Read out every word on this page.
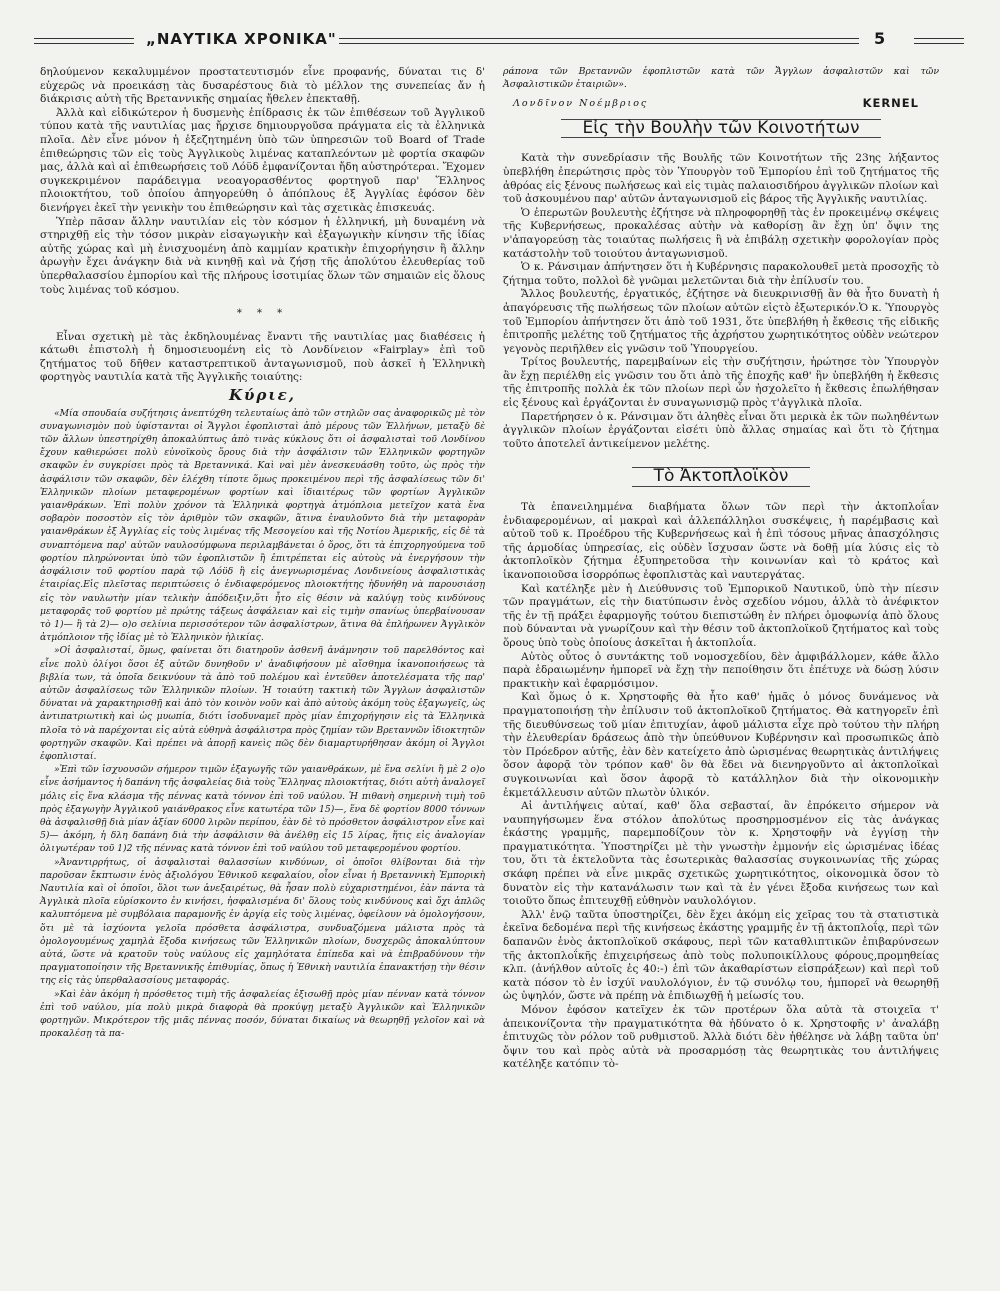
„ΝΑΥΤΙΚΑ ΧΡΟΝΙΚΑ"	5

δηλούμενον κεκαλυμμένον προστατευτισμόν εἶνε προφανής, δύναται τις δ' εὐχερῶς νὰ προεικάσῃ τὰς δυσαρέστους διὰ τὸ μέλλον της συνεπείας ἄν ἡ διάκρισις αὐτὴ τῆς Βρεταννικῆς σημαίας ἤθελεν ἐπεκταθῇ.

Ἀλλὰ καὶ εἰδικώτερον ἡ δυσμενὴς ἐπίδρασις ἐκ τῶν ἐπιθέσεων τοῦ Ἀγγλικοῦ τύπου κατὰ τῆς ναυτιλίας μας ἤρχισε δημιουργοῦσα πράγματα εἰς τὰ ἑλληνικὰ πλοῖα. Δὲν εἶνε μόνον ἡ ἐξεζητημένη ὑπὸ τῶν ὑπηρεσιῶν τοῦ Board of Trade ἐπιθεώρησις τῶν εἰς τοὺς Ἀγγλικοὺς λιμένας καταπλεόντων μὲ φορτία σκαφῶν μας, ἀλλὰ καὶ αἱ ἐπιθεωρήσεις τοῦ Λόϋδ ἐμφανίζονται ἤδη αὐστηρότεραι. Ἔχομεν συγκεκριμένον παράδειγμα νεοαγορασθέντος φορτηγοῦ παρ' Ἕλληνος πλοιοκτήτου, τοῦ ὁποίου ἀπηγορεύθη ὁ ἀπόπλους ἐξ Ἀγγλίας ἐφόσον δὲν διενήργει ἐκεῖ τὴν γενικὴν του ἐπιθεώρησιν καὶ τὰς σχετικὰς ἐπισκευάς.

Ὑπὲρ πᾶσαν ἄλλην ναυτιλίαν εἰς τὸν κόσμον ἡ ἑλληνική, μὴ δυναμένη νὰ στηριχθῇ εἰς τὴν τόσον μικρὰν εἰσαγωγικὴν καὶ ἐξαγωγικὴν κίνησιν τῆς ἰδίας αὐτῆς χώρας καὶ μὴ ἐνισχυομένη ἀπὸ καμμίαν κρατικὴν ἐπιχορήγησιν ἢ ἄλλην ἀρωγὴν ἔχει ἀνάγκην διὰ νὰ κινηθῇ καὶ νὰ ζήσῃ τῆς ἀπολύτου ἐλευθερίας τοῦ ὑπερθαλασσίου ἐμπορίου καὶ τῆς πλήρους ἰσοτιμίας ὅλων τῶν σημαιῶν εἰς ὅλους τοὺς λιμένας τοῦ κόσμου.

* * *

Εἶναι σχετικὴ μὲ τὰς ἐκδηλουμένας ἔναντι τῆς ναυτιλίας μας διαθέσεις ἡ κάτωθι ἐπιστολὴ ἡ δημοσιευομένη εἰς τὸ Λονδίνειον «Fairplay» ἐπὶ τοῦ ζητήματος τοῦ δῆθεν καταστρεπτικοῦ ἀνταγωνισμοῦ, ποὺ ἀσκεῖ ἡ Ἑλληνικὴ φορτηγὸς ναυτιλία κατὰ τῆς Ἀγγλικῆς τοιαύτης:

Κύριε,

«Μία σπουδαία συζήτησις ἀνεπτύχθη τελευταίως ἀπὸ τῶν στηλῶν σας ἀναφορικῶς μὲ τὸν συναγωνισμὸν ποὺ ὑφίστανται οἱ Ἄγγλοι ἐφοπλισταὶ ἀπὸ μέρους τῶν Ἑλλήνων, μεταξὺ δὲ τῶν ἄλλων ὑπεστηρίχθη ἀποκαλύπτως ἀπὸ τινὰς κύκλους ὅτι οἱ ἀσφαλισταὶ τοῦ Λονδίνου ἔχουν καθιερώσει πολὺ εὐνοϊκοὺς ὅρους διὰ τὴν ἀσφάλισιν τῶν Ἑλληνικῶν φορτηγῶν σκαφῶν ἐν συγκρίσει πρὸς τὰ Βρεταννικά. Καὶ ναὶ μὲν ἀνεσκευάσθη τοῦτο, ὡς πρὸς τὴν ἀσφάλισιν τῶν σκαφῶν, δὲν ἐλέχθη τίποτε ὅμως προκειμένου περὶ τῆς ἀσφαλίσεως τῶν δι' Ἑλληνικῶν πλοίων μεταφερομένων φορτίων καὶ ἰδιαιτέρως τῶν φορτίων Ἀγγλικῶν γαιανθράκων. Ἐπὶ πολὺν χρόνον τὰ Ἑλληνικὰ φορτηγὰ ἀτμόπλοια μετεῖχον κατὰ ἕνα σοβαρὸν ποσοστὸν εἰς τὸν ἀριθμὸν τῶν σκαφῶν, ἅτινα ἐναυλοῦντο διὰ τὴν μεταφορὰν γαιανθράκων ἐξ Ἀγγλίας εἰς τοὺς λιμένας τῆς Μεσογείου καὶ τῆς Νοτίου Ἀμερικῆς, εἰς δὲ τὰ συναπτόμενα παρ' αὐτῶν ναυλοσύμφωνα περιλαμβάνεται ὁ ὅρος, ὅτι τὰ ἐπιχορηγούμενα τοῦ φορτίου πληρώνονται ὑπὸ τῶν ἐφοπλιστῶν ἢ ἐπιτρέπεται εἰς αὐτοὺς νὰ ἐνεργήσουν τὴν ἀσφάλισιν τοῦ φορτίου παρὰ τῷ Λόϋδ ἢ εἰς ἀνεγνωρισμένας Λονδινείους ἀσφαλιστικὰς ἑταιρίας.Εἰς πλεῖστας περιπτώσεις ὁ ἐνδιαφερόμενος πλοιοκτήτης ἠδυνήθη νὰ παρουσιάσῃ εἰς τὸν ναυλωτὴν μίαν τελικὴν ἀπόδειξιν,ὅτι ἦτο εἰς θέσιν νὰ καλύψῃ τοὺς κινδύνους μεταφορᾶς τοῦ φορτίου μὲ πρώτης τάξεως ἀσφάλειαν καὶ εἰς τιμὴν σπανίως ὑπερβαίνουσαν τὸ 1)— ἢ τὰ 2)— ο)ο σελίνια περισσότερον τῶν ἀσφαλίστρων, ἅτινα θὰ ἐπλήρωνεν Ἀγγλικὸν ἀτμόπλοιον τῆς ἰδίας μὲ τὸ Ἑλληνικὸν ἡλικίας.

»Οἱ ἀσφαλισταί, ὅμως, φαίνεται ὅτι διατηροῦν ἀσθενῆ ἀνάμνησιν τοῦ παρελθόντος καὶ εἶνε πολὺ ὀλίγοι ὅσοι ἐξ αὐτῶν δυνηθοῦν ν' ἀναδιφήσουν μὲ αἴσθημα ἱκανοποιήσεως τὰ βιβλία των, τὰ ὁποῖα δεικνύουν τὰ ἀπὸ τοῦ πολέμου καὶ ἐντεῦθεν ἀποτελέσματα τῆς παρ' αὐτῶν ἀσφαλίσεως τῶν Ἑλληνικῶν πλοίων. Ἡ τοιαύτη τακτικὴ τῶν Ἄγγλων ἀσφαλιστῶν δύναται νὰ χαρακτηρισθῇ καὶ ἀπὸ τὸν κοινὸν νοῦν καὶ ἀπὸ αὐτοὺς ἀκόμη τοὺς ἐξαγωγεῖς, ὡς ἀντιπατριωτικὴ καὶ ὡς μυωπία, διότι ἰσοδυναμεῖ πρὸς μίαν ἐπιχορήγησιν εἰς τὰ Ἑλληνικὰ πλοῖα τὸ νὰ παρέχονται εἰς αὐτὰ εὐθηνὰ ἀσφάλιστρα πρὸς ζημίαν τῶν Βρεταννῶν ἰδιοκτητῶν φορτηγῶν σκαφῶν. Καὶ πρέπει νὰ ἀπορῇ κανεὶς πῶς δὲν διαμαρτυρήθησαν ἀκόμη οἱ Ἄγγλοι ἐφοπλισταί.

»Ἐπὶ τῶν ἰσχυουσῶν σήμερον τιμῶν ἐξαγωγῆς τῶν γαιανθράκων, μὲ ἕνα σελίνι ἢ μὲ 2 ο)ο εἶνε ἀσήμαντος ἡ δαπάνη τῆς ἀσφαλείας διὰ τοὺς Ἕλληνας πλοιοκτήτας, διότι αὐτὴ ἀναλογεῖ μόλις εἰς ἕνα κλάσμα τῆς πέννας κατὰ τόννον ἐπὶ τοῦ ναύλου. Ἡ πιθανὴ σημερινὴ τιμὴ τοῦ πρὸς ἐξαγωγὴν Ἀγγλικοῦ γαιάνθρακος εἶνε κατωτέρα τῶν 15)—, ἕνα δὲ φορτίον 8000 τόννων θὰ ἀσφαλισθῇ διὰ μίαν ἀξίαν 6000 λιρῶν περίπου, ἐὰν δὲ τὸ πρόσθετον ἀσφάλιστρον εἶνε καὶ 5)— ἀκόμη, ἡ δλη δαπάνη διὰ τὴν ἀσφάλισιν θὰ ἀνέλθῃ εἰς 15 λίρας, ἥτις εἰς ἀναλογίαν ὀλιγωτέραν τοῦ 1)2 τῆς πέννας κατὰ τόννον ἐπὶ τοῦ ναύλου τοῦ μεταφερομένου φορτίου.

»Ἀναντιρρήτως, οἱ ἀσφαλισταὶ θαλασσίων κινδύνων, οἱ ὁποῖοι θλίβονται διὰ τὴν παροῦσαν ἔκπτωσιν ἑνὸς ἀξιολόγου Ἐθνικοῦ κεφαλαίου, οἷον εἶναι ἡ Βρεταννικὴ Ἐμπορικὴ Ναυτιλία καὶ οἱ ὁποῖοι, ὅλοι των ἀνεξαιρέτως, θὰ ἦσαν πολὺ εὐχαριστημένοι, ἐὰν πάντα τὰ Ἀγγλικὰ πλοῖα εὑρίσκοντο ἐν κινήσει, ἠσφαλισμένα δι' ὅλους τοὺς κινδύνους καὶ ὄχι ἁπλῶς καλυπτόμενα μὲ συμβόλαια παραμονῆς ἐν ἀργίᾳ εἰς τοὺς λιμένας, ὀφείλουν νὰ ὁμολογήσουν, ὅτι μὲ τὰ ἰσχύοντα γελοῖα πρόσθετα ἀσφάλιστρα, συνδυαζόμενα μάλιστα πρὸς τὰ ὁμολογουμένως χαμηλὰ ἔξοδα κινήσεως τῶν Ἑλληνικῶν πλοίων, δυσχερῶς ἀποκαλύπτουν αὐτά, ὥστε νὰ κρατοῦν τοὺς ναύλους εἰς χαμηλότατα ἐπίπεδα καὶ νὰ ἐπιβραδύνουν τὴν πραγματοποίησιν τῆς Βρεταννικῆς ἐπιθυμίας, ὅπως ἡ Ἐθνικὴ ναυτιλία ἐπανακτήσῃ τὴν θέσιν της εἰς τὰς ὑπερθαλασσίους μεταφοράς.

»Καὶ ἐὰν ἀκόμη ἡ πρόσθετος τιμὴ τῆς ἀσφαλείας ἐξισωθῇ πρὸς μίαν πένναν κατὰ τόννον ἐπὶ τοῦ ναύλου, μία πολὺ μικρὰ διαφορὰ θὰ προκύψῃ μεταξὺ Ἀγγλικῶν καὶ Ἑλληνικῶν φορτηγῶν. Μικρότερον τῆς μιᾶς πέννας ποσόν, δύναται δικαίως νὰ θεωρηθῇ γελοῖον καὶ νὰ προκαλέσῃ τὰ πα-

ράπονα τῶν Βρεταννῶν ἐφοπλιστῶν κατὰ τῶν Ἄγγλων ἀσφαλιστῶν καὶ τῶν Ἀσφαλιστικῶν ἑταιριῶν».

Λονδῖνον Νοέμβριος	KERNEL
Εἰς τὴν Βουλὴν τῶν Κοινοτήτων

Κατὰ τὴν συνεδρίασιν τῆς Βουλῆς τῶν Κοινοτήτων τῆς 23ης λήξαντος ὑπεβλήθη ἐπερώτησις πρὸς τὸν Ὑπουργὸν τοῦ Ἐμπορίου ἐπὶ τοῦ ζητήματος τῆς ἀθρόας εἰς ξένους πωλήσεως καὶ εἰς τιμὰς παλαιοσιδήρου ἀγγλικῶν πλοίων καὶ τοῦ ἀσκουμένου παρ' αὐτῶν ἀνταγωνισμοῦ εἰς βάρος τῆς Ἀγγλικῆς ναυτιλίας.

Ὁ ἐπερωτῶν βουλευτὴς ἐζήτησε νὰ πληροφορηθῇ τὰς ἐν προκειμένῳ σκέψεις τῆς Κυβερνήσεως, προκαλέσας αὐτὴν νὰ καθορίσῃ ἂν ἔχῃ ὑπ' ὄψιν της ν'ἀπαγορεύσῃ τὰς τοιαύτας πωλήσεις ἢ νὰ ἐπιβάλῃ σχετικὴν φορολογίαν πρὸς κατάστολὴν τοῦ τοιούτου ἀνταγωνισμοῦ.

Ὁ κ. Ράνσιμαν ἀπήντησεν ὅτι ἡ Κυβέρνησις παρακολουθεῖ μετὰ προσοχῆς τὸ ζήτημα τοῦτο, πολλοὶ δὲ γνῶμαι μελετῶνται διὰ τὴν ἐπίλυσίν του.

Ἄλλος βουλευτής, ἐργατικός, ἐζήτησε νὰ διευκρινισθῇ ἂν θὰ ἦτο δυνατὴ ἡ ἀπαγόρευσις τῆς πωλήσεως τῶν πλοίων αὐτῶν εἰςτὸ ἐξωτερικόν.Ὁ κ. Ὑπουργὸς τοῦ Ἐμπορίου ἀπήντησεν ὅτι ἀπὸ τοῦ 1931, ὅτε ὑπεβλήθη ἡ ἔκθεσις τῆς εἰδικῆς ἐπιτροπῆς μελέτης τοῦ ζητήματος τῆς ἀχρήστου χωρητικότητος οὐδὲν νεώτερον γεγονὸς περιῆλθεν εἰς γνῶσιν τοῦ Ὑπουργείου.

Τρίτος βουλευτής, παρεμβαίνων εἰς τὴν συζήτησιν, ἠρώτησε τὸν Ὑπουργὸν ἂν ἔχῃ περιέλθῃ εἰς γνῶσιν του ὅτι ἀπὸ τῆς ἐποχῆς καθ' ἣν ὑπεβλήθη ἡ ἔκθεσις τῆς ἐπιτροπῆς πολλὰ ἐκ τῶν πλοίων περὶ ὧν ἠσχολεῖτο ἡ ἔκθεσις ἐπωλήθησαν εἰς ξένους καὶ ἐργάζονται ἐν συναγωνισμῷ πρὸς τ'ἀγγλικὰ πλοῖα.

Παρετήρησεν ὁ κ. Ράνσιμαν ὅτι ἀληθὲς εἶναι ὅτι μερικὰ ἐκ τῶν πωληθέντων ἀγγλικῶν πλοίων ἐργάζονται εἰσέτι ὑπὸ ἄλλας σημαίας καὶ ὅτι τὸ ζήτημα τοῦτο ἀποτελεῖ ἀντικείμενον μελέτης.

Τὸ Ἀκτοπλοϊκὸν

Τὰ ἐπανειλημμένα διαβήματα ὅλων τῶν περὶ τὴν ἀκτοπλοΐαν ἐνδιαφερομένων, αἱ μακραὶ καὶ ἀλλεπάλληλοι συσκέψεις, ἡ παρέμβασις καὶ αὐτοῦ τοῦ κ. Προέδρου τῆς Κυβερνήσεως καὶ ἡ ἐπὶ τόσους μῆνας ἀπασχόλησις τῆς ἁρμοδίας ὑπηρεσίας, εἰς οὐδὲν ἴσχυσαν ὥστε νὰ δοθῇ μία λύσις εἰς τὸ ἀκτοπλοϊκὸν ζήτημα ἐξυπηρετοῦσα τὴν κοινωνίαν καὶ τὸ κράτος καὶ ἱκανοποιοῦσα ἰσορρόπως ἐφοπλιστὰς καὶ ναυτεργάτας.

Καὶ κατέληξε μὲν ἡ Διεύθυνσις τοῦ Ἐμπορικοῦ Ναυτικοῦ, ὑπὸ τὴν πίεσιν τῶν πραγμάτων, εἰς τὴν διατύπωσιν ἑνὸς σχεδίου νόμου, ἀλλὰ τὸ ἀνέφικτον τῆς ἐν τῇ πράξει ἐφαρμογῆς τούτου διεπιστώθη ἐν πλήρει ὁμοφωνίᾳ ἀπὸ ὅλους ποὺ δύνανται νὰ γνωρίζουν καὶ τὴν θέσιν τοῦ ἀκτοπλοϊκοῦ ζητήματος καὶ τοὺς ὅρους ὑπὸ τοὺς ὁποίους ἀσκεῖται ἡ ἀκτοπλοΐα.

Αὐτὸς οὗτος ὁ συντάκτης τοῦ νομοσχεδίου, δὲν ἀμφιβάλλομεν, κάθε ἄλλο παρὰ ἑδραιωμένην ἠμπορεῖ νὰ ἔχῃ τὴν πεποίθησιν ὅτι ἐπέτυχε νὰ δώσῃ λύσιν πρακτικὴν καὶ ἐφαρμόσιμον.

Καὶ ὅμως ὁ κ. Χρηστοφῆς θὰ ἦτο καθ' ἡμᾶς ὁ μόνος δυνάμενος νὰ πραγματοποιήσῃ τὴν ἐπίλυσιν τοῦ ἀκτοπλοϊκοῦ ζητήματος. Θὰ κατηγορεῖν ἐπὶ τῆς διευθύνσεως τοῦ μίαν ἐπιτυχίαν, ἀφοῦ μάλιστα εἶχε πρὸ τούτου τὴν πλήρη τὴν ἐλευθερίαν δράσεως ἀπὸ τὴν ὑπεύθυνον Κυβέρνησιν καὶ προσωπικῶς ἀπὸ τὸν Πρόεδρον αὐτῆς, ἐὰν δὲν κατείχετο ἀπὸ ὡρισμένας θεωρητικὰς ἀντιλήψεις ὅσον ἀφορᾷ τὸν τρόπον καθ' ὃν θὰ ἔδει νὰ διενηργοῦντο αἱ ἀκτοπλοϊκαὶ συγκοινωνίαι καὶ ὅσον ἀφορᾷ τὸ κατάλληλον διὰ τὴν οἰκονομικὴν ἐκμετάλλευσιν αὐτῶν πλωτὸν ὑλικόν.

Αἱ ἀντιλήψεις αὐταί, καθ' ὅλα σεβασταί, ἂν ἐπρόκειτο σήμερον νὰ ναυπηγήσωμεν ἕνα στόλον ἀπολύτως προσηρμοσμένον εἰς τὰς ἀνάγκας ἑκάστης γραμμῆς, παρεμποδίζουν τὸν κ. Χρηστοφῆν νὰ ἐγγίσῃ τὴν πραγματικότητα. Ὑποστηρίζει μὲ τὴν γνωστὴν ἐμμονήν εἰς ὡρισμένας ἰδέας του, ὅτι τὰ ἐκτελοῦντα τὰς ἐσωτερικὰς θαλασσίας συγκοινωνίας τῆς χώρας σκάφη πρέπει νὰ εἶνε μικρᾶς σχετικῶς χωρητικότητος, οἰκονομικὰ ὅσον τὸ δυνατὸν εἰς τὴν κατανάλωσιν των καὶ τὰ ἐν γένει ἔξοδα κινήσεως των καὶ τοιοῦτο ὅπως ἐπιτευχθῇ εὐθηνὸν ναυλολόγιον.

Ἀλλ' ἐνῷ ταῦτα ὑποστηρίζει, δὲν ἔχει ἀκόμη εἰς χεῖρας του τὰ στατιστικὰ ἐκεῖνα δεδομένα περὶ τῆς κινήσεως ἑκάστης γραμμῆς ἐν τῇ ἀκτοπλοΐᾳ, περὶ τῶν δαπανῶν ἑνὸς ἀκτοπλοϊκοῦ σκάφους, περὶ τῶν καταθλιπτικῶν ἐπιβαρύνσεων τῆς ἀκτοπλοΐκῆς ἐπιχειρήσεως ἀπὸ τοὺς πολυποικίλλους φόρους,προμηθείας κλπ. (ἀνήλθον αὐτοῖς ἐς 40:-) ἐπὶ τῶν ἀκαθαρίστων εἰσπράξεων) καὶ περὶ τοῦ κατὰ πόσον τὸ ἐν ἰσχύϊ ναυλολόγιον, ἐν τῷ συνόλῳ του, ἠμπορεῖ νὰ θεωρηθῇ ὡς ὑψηλόν, ὥστε νὰ πρέπῃ νὰ ἐπιδιωχθῇ ἡ μείωσίς του.

Μόνον ἐφόσον κατεῖχεν ἐκ τῶν προτέρων ὅλα αὐτὰ τὰ στοιχεῖα τ' ἀπεικονίζοντα τὴν πραγματικότητα θὰ ἠδύνατο ὁ κ. Χρηστοφῆς ν' ἀναλάβῃ ἐπιτυχῶς τὸν ρόλον τοῦ ρυθμιστοῦ. Ἀλλὰ διότι δὲν ἠθέλησε νὰ λάβῃ ταῦτα ὑπ' ὄψιν του καὶ πρὸς αὐτὰ νὰ προσαρμόσῃ τὰς θεωρητικὰς του ἀντιλήψεις κατέληξε κατόπιν τὸ-
